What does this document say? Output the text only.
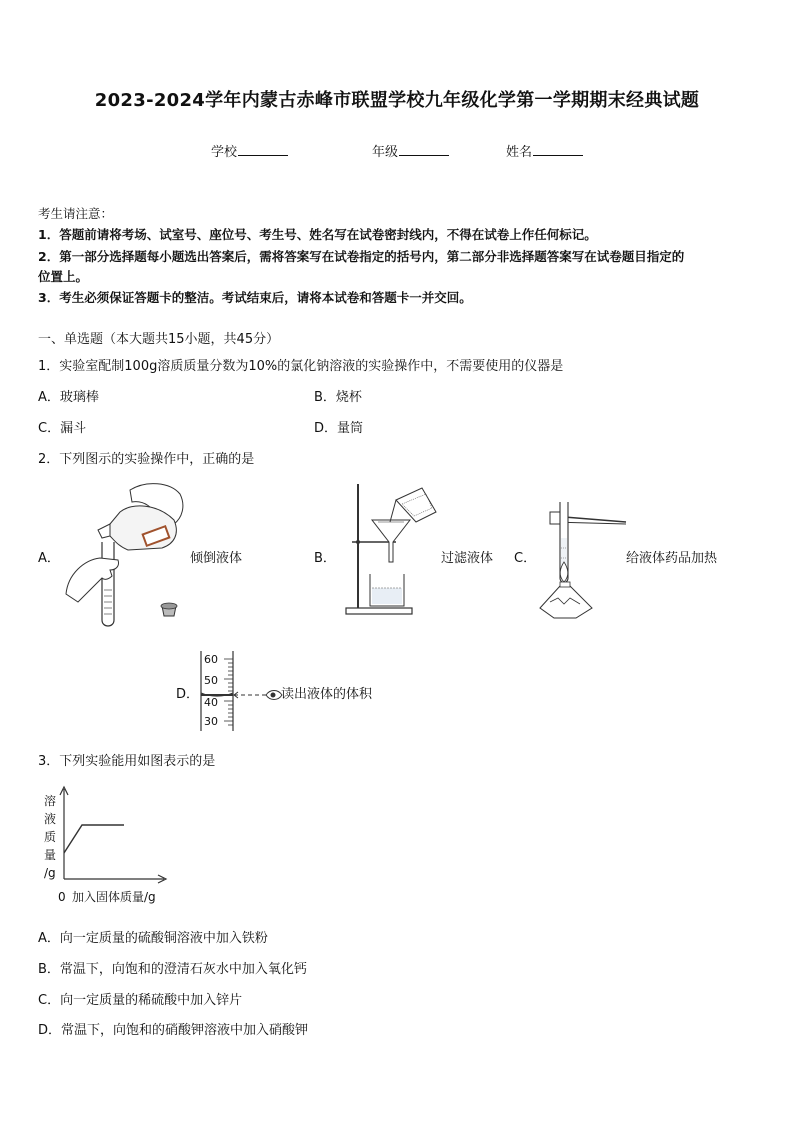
2023-2024学年内蒙古赤峰市联盟学校九年级化学第一学期期末经典试题
学校	年级	姓名
考生请注意：
1．答题前请将考场、试室号、座位号、考生号、姓名写在试卷密封线内，不得在试卷上作任何标记。
2．第一部分选择题每小题选出答案后，需将答案写在试卷指定的括号内，第二部分非选择题答案写在试卷题目指定的
位置上。
3．考生必须保证答题卡的整洁。考试结束后，请将本试卷和答题卡一并交回。
一、单选题（本大题共15小题，共45分）
1．实验室配制100g溶质质量分数为10%的氯化钠溶液的实验操作中，不需要使用的仪器是
A．玻璃棒	B．烧杯
C．漏斗	D．量筒
2．下列图示的实验操作中，正确的是
A．	倾倒液体	B．	过滤液体 C．	给液体药品加热
D．
60
50
40
30
读出液体的体积
3．下列实验能用如图表示的是
溶
液
质
量
/g
0 加入固体质量/g
A．向一定质量的硫酸铜溶液中加入铁粉
B．常温下，向饱和的澄清石灰水中加入氧化钙
C．向一定质量的稀硫酸中加入锌片
D．常温下，向饱和的硝酸钾溶液中加入硝酸钾
